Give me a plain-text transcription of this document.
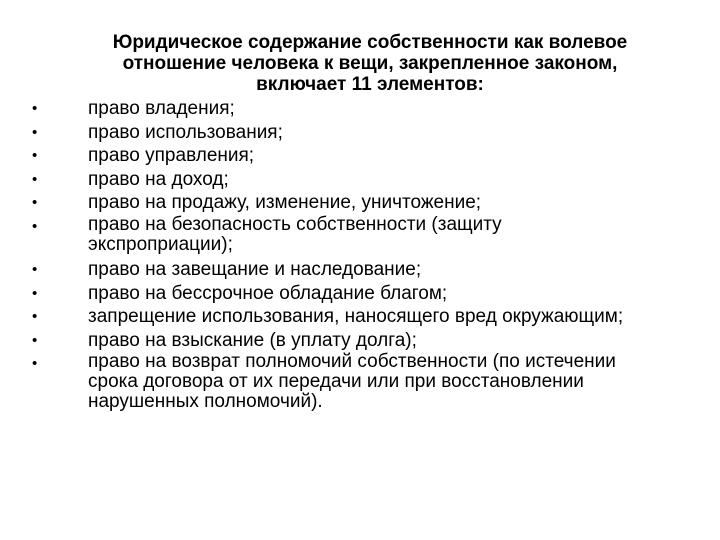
Юридическое содержание собственности как волевое
отношение человека к вещи, закрепленное законом,
включает 11 элементов:
•	право владения;
•	право использования;
•	право управления;
•	право на доход;
•	право на продажу, изменение, уничтожение;
•	право на безопасность собственности (защиту
экспроприации);
•	право на завещание и наследование;
•	право на бессрочное обладание благом;
•	запрещение использования, наносящего вред окружающим;
•	право на взыскание (в уплату долга);
•	право на возврат полномочий собственности (по истечении
срока договора от их передачи или при восстановлении
нарушенных полномочий).
